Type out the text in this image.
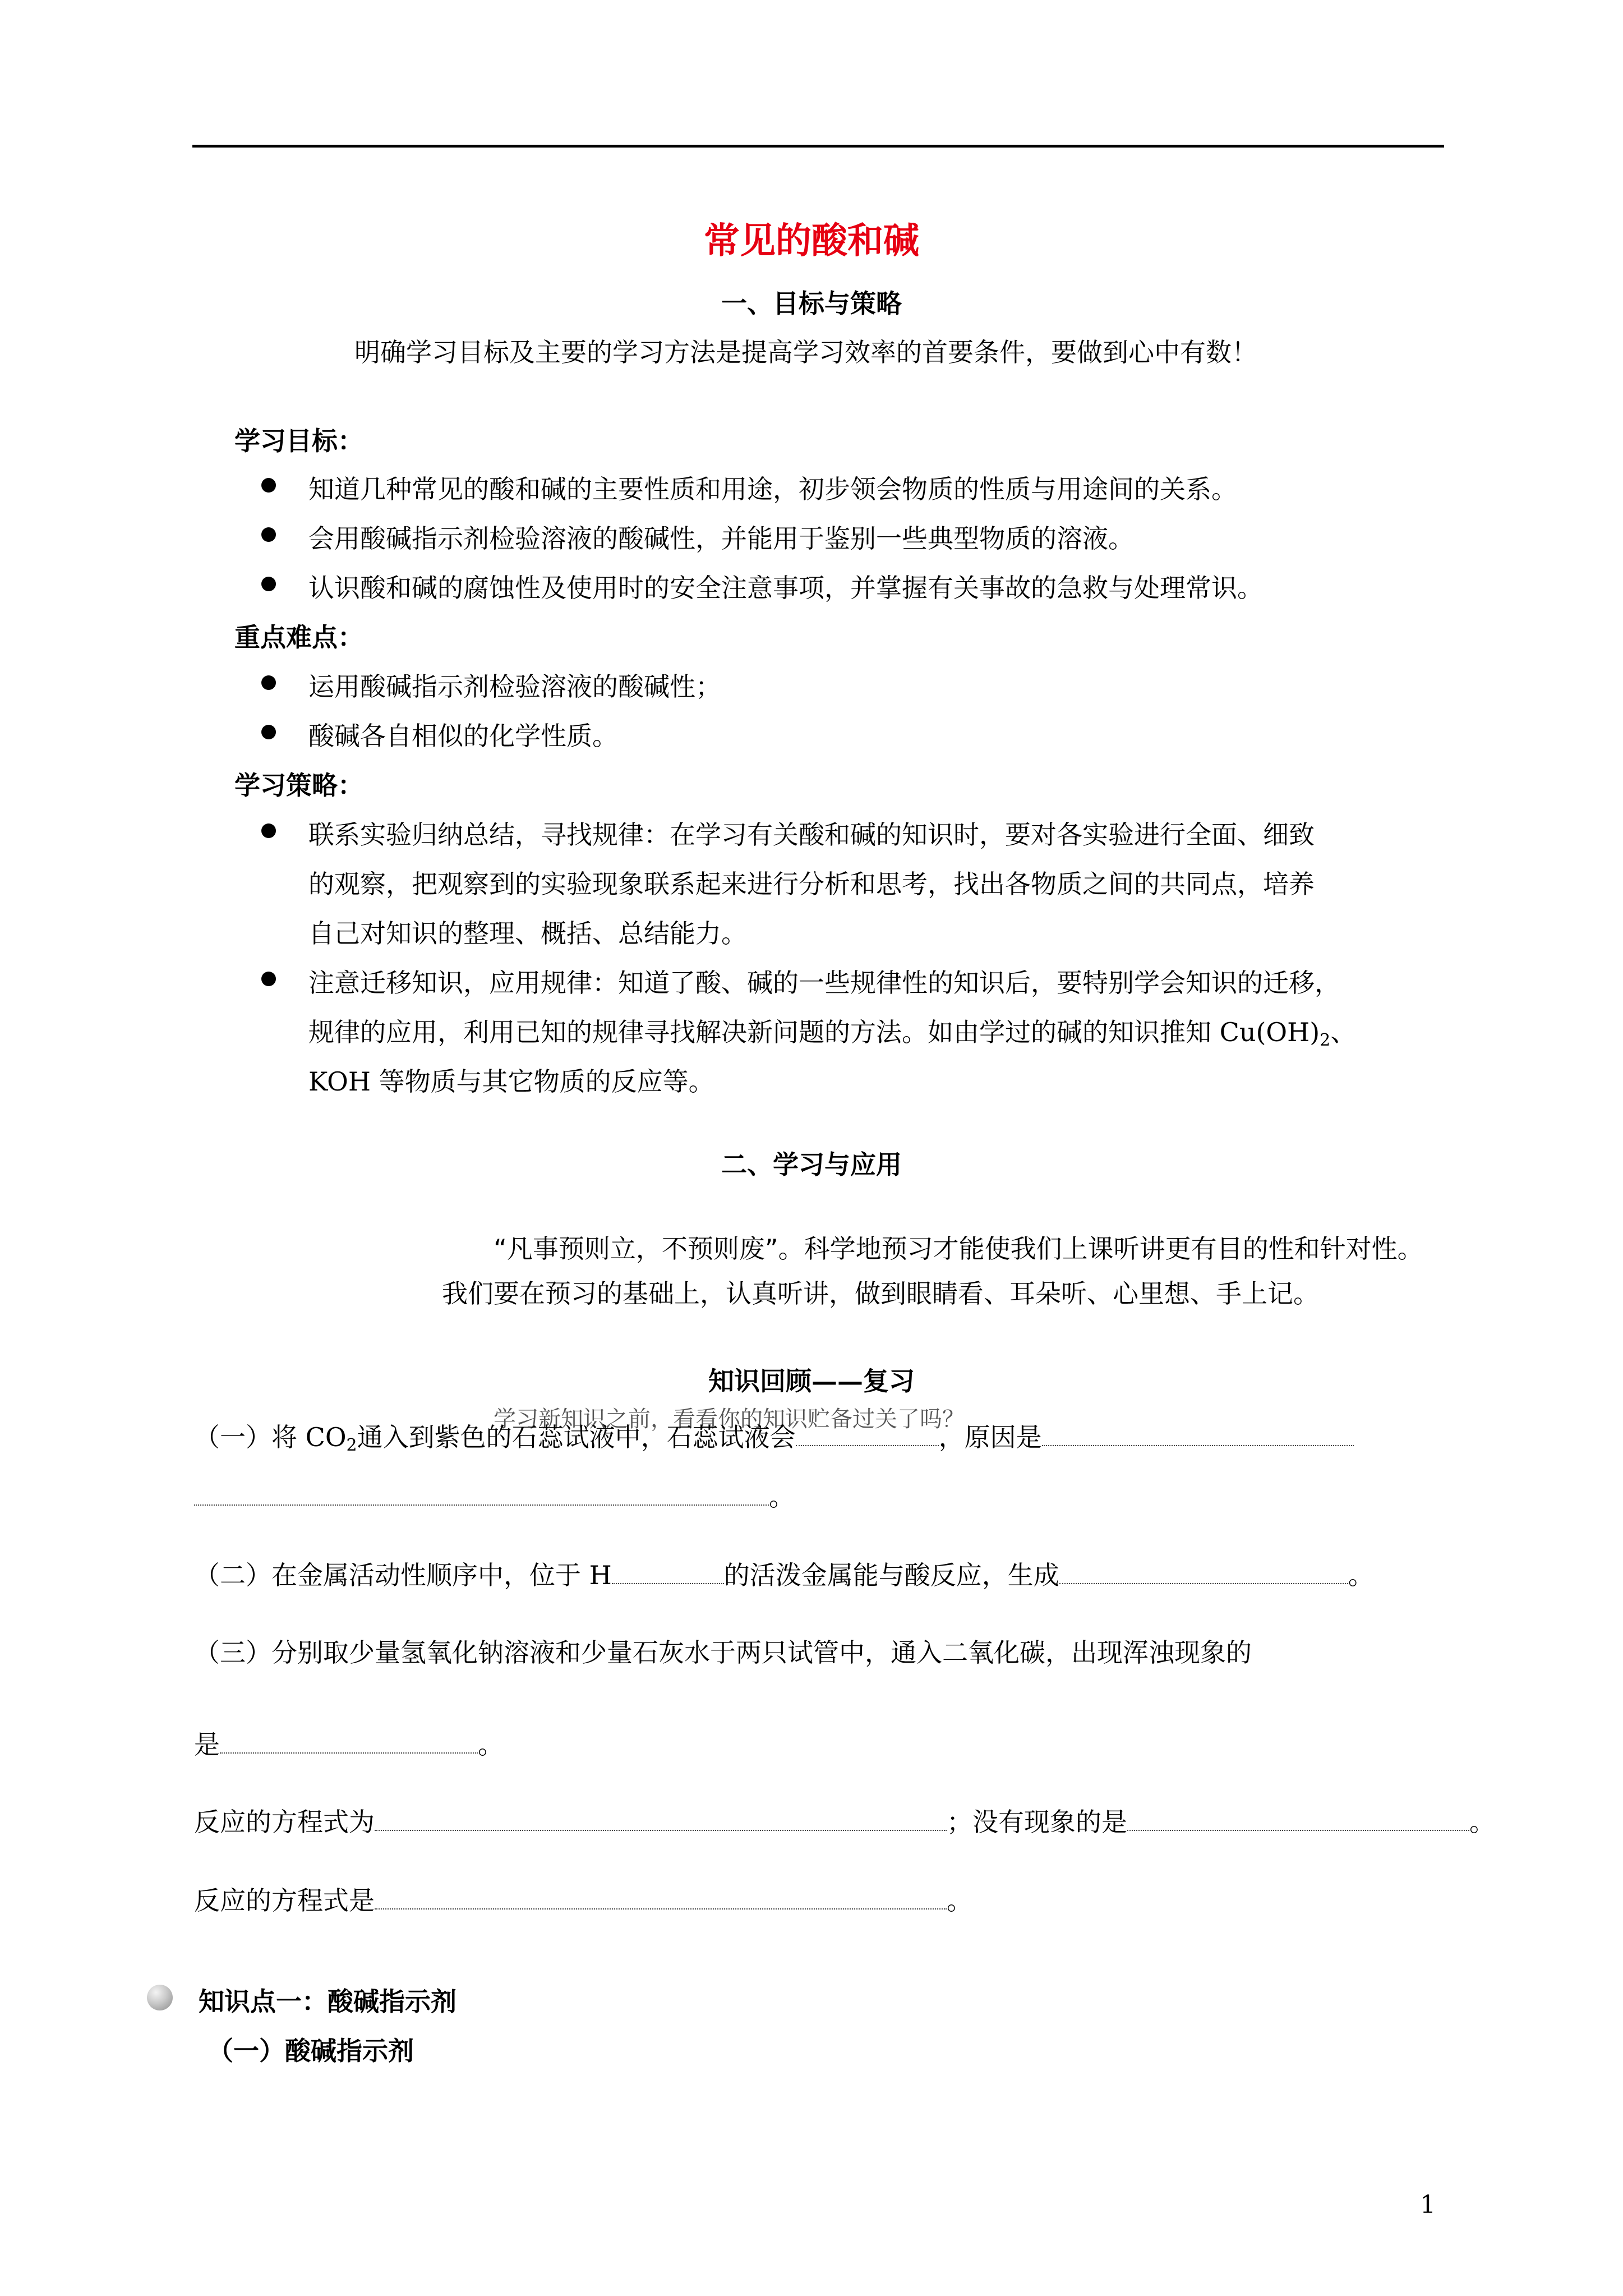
常见的酸和碱
一、目标与策略
明确学习目标及主要的学习方法是提高学习效率的首要条件，要做到心中有数！
学习目标：
知道几种常见的酸和碱的主要性质和用途，初步领会物质的性质与用途间的关系。
会用酸碱指示剂检验溶液的酸碱性，并能用于鉴别一些典型物质的溶液。
认识酸和碱的腐蚀性及使用时的安全注意事项，并掌握有关事故的急救与处理常识。
重点难点：
运用酸碱指示剂检验溶液的酸碱性；
酸碱各自相似的化学性质。
学习策略：
联系实验归纳总结，寻找规律：在学习有关酸和碱的知识时，要对各实验进行全面、细致
的观察，把观察到的实验现象联系起来进行分析和思考，找出各物质之间的共同点，培养
自己对知识的整理、概括、总结能力。
注意迁移知识，应用规律：知道了酸、碱的一些规律性的知识后，要特别学会知识的迁移，
规律的应用，利用已知的规律寻找解决新问题的方法。如由学过的碱的知识推知 $Cu(OH)_2$、
KOH 等物质与其它物质的反应等。
二、学习与应用
“凡事预则立，不预则废”。科学地预习才能使我们上课听讲更有目的性和针对性。
我们要在预习的基础上，认真听讲，做到眼睛看、耳朵听、心里想、手上记。
知识回顾——复习
学习新知识之前，看看你的知识贮备过关了吗？
（一）将 $CO_2$通入到紫色的石蕊试液中，石蕊试液会	，原因是
。
（二）在金属活动性顺序中，位于 H	的活泼金属能与酸反应，生成	。
（三）分别取少量氢氧化钠溶液和少量石灰水于两只试管中，通入二氧化碳，出现浑浊现象的
是	。
反应的方程式为	；没有现象的是	。
反应的方程式是	。
知识点一：酸碱指示剂
（一）酸碱指示剂
1
